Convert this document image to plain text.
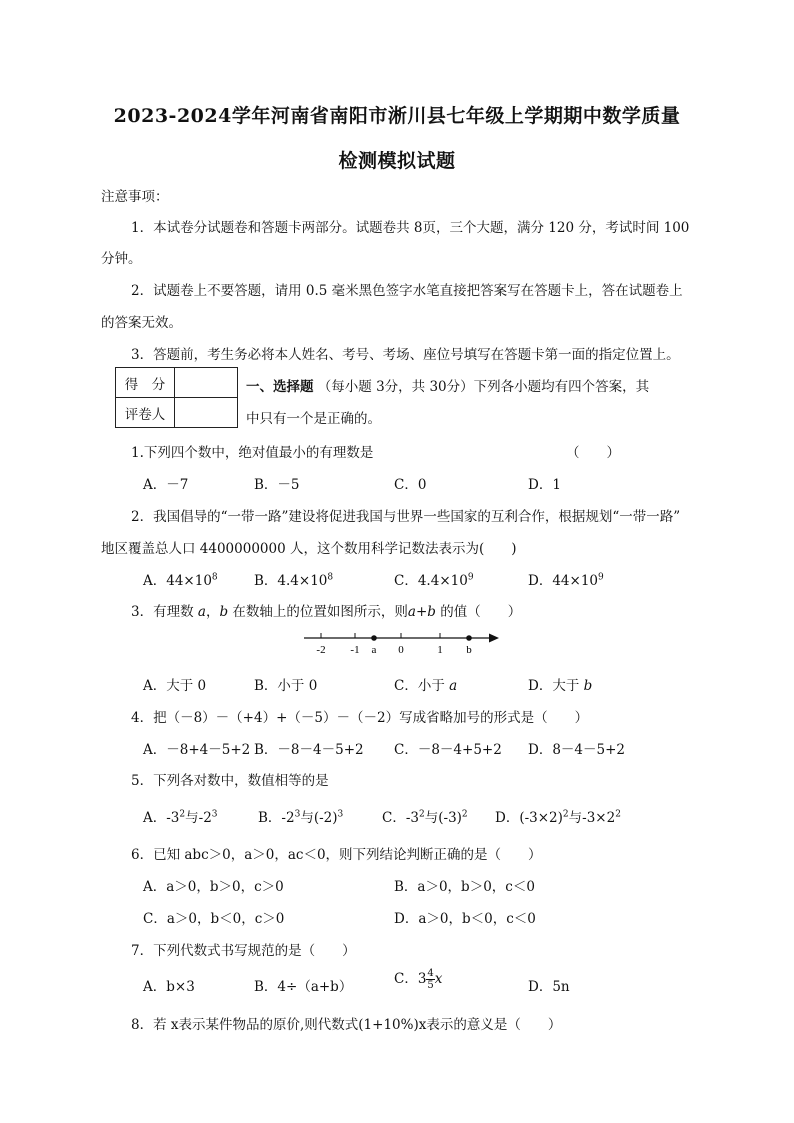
2023-2024学年河南省南阳市淅川县七年级上学期期中数学质量
检测模拟试题
注意事项：
1．本试卷分试题卷和答题卡两部分。试题卷共 8页，三个大题，满分 120 分，考试时间 100
分钟。
2．试题卷上不要答题，请用 0.5 毫米黑色签字水笔直接把答案写在答题卡上，答在试题卷上
的答案无效。
3．答题前，考生务必将本人姓名、考号、考场、座位号填写在答题卡第一面的指定位置上。
得　分	
评卷人	
一、选择题 （每小题 3分，共 30分）下列各小题均有四个答案，其
中只有一个是正确的。
1.下列四个数中，绝对值最小的有理数是	（　　）
A．－7	B．－5	C．0	D．1
2．我国倡导的“一带一路”建设将促进我国与世界一些国家的互利合作，根据规划“一带一路”
地区覆盖总人口 4400000000 人，这个数用科学记数法表示为(　　)
A．$44\times 10^8$	B．$4.4\times 10^8$	C．$4.4\times 10^9$	D．$44\times 10^9$
3．有理数 a，b 在数轴上的位置如图所示，则a+b 的值（　　）
-2 -1 a 0	1 b
A．大于 0	B．小于 0	C．小于 a	D．大于 b
4．把（－8）－（+4）+（－5）－（－2）写成省略加号的形式是（　　）
A．－8+4－5+2 B．－8－4－5+2 C．－8－4+5+2 D．8－4－5+2
5．下列各对数中，数值相等的是
A．$-3^2$与$-2^3$	B．$-2^3$与$(-2)^3$	C．$-3^2$与$(-3)^2$ D．$(-3\times 2)^2$与$-3\times 2^2$
6．已知 abc＞0，a＞0，ac＜0，则下列结论判断正确的是（　　）
A．a＞0，b＞0，c＞0	B．a＞0，b＞0，c＜0
C．a＞0，b＜0，c＞0	D．a＞0，b＜0，c＜0
7．下列代数式书写规范的是（　　）
A．b×3	B．4÷（a+b）	C．$3 \frac{4}{5}$ x	D．5n
8．若 x表示某件物品的原价,则代数式(1+10%)x表示的意义是（　　）
